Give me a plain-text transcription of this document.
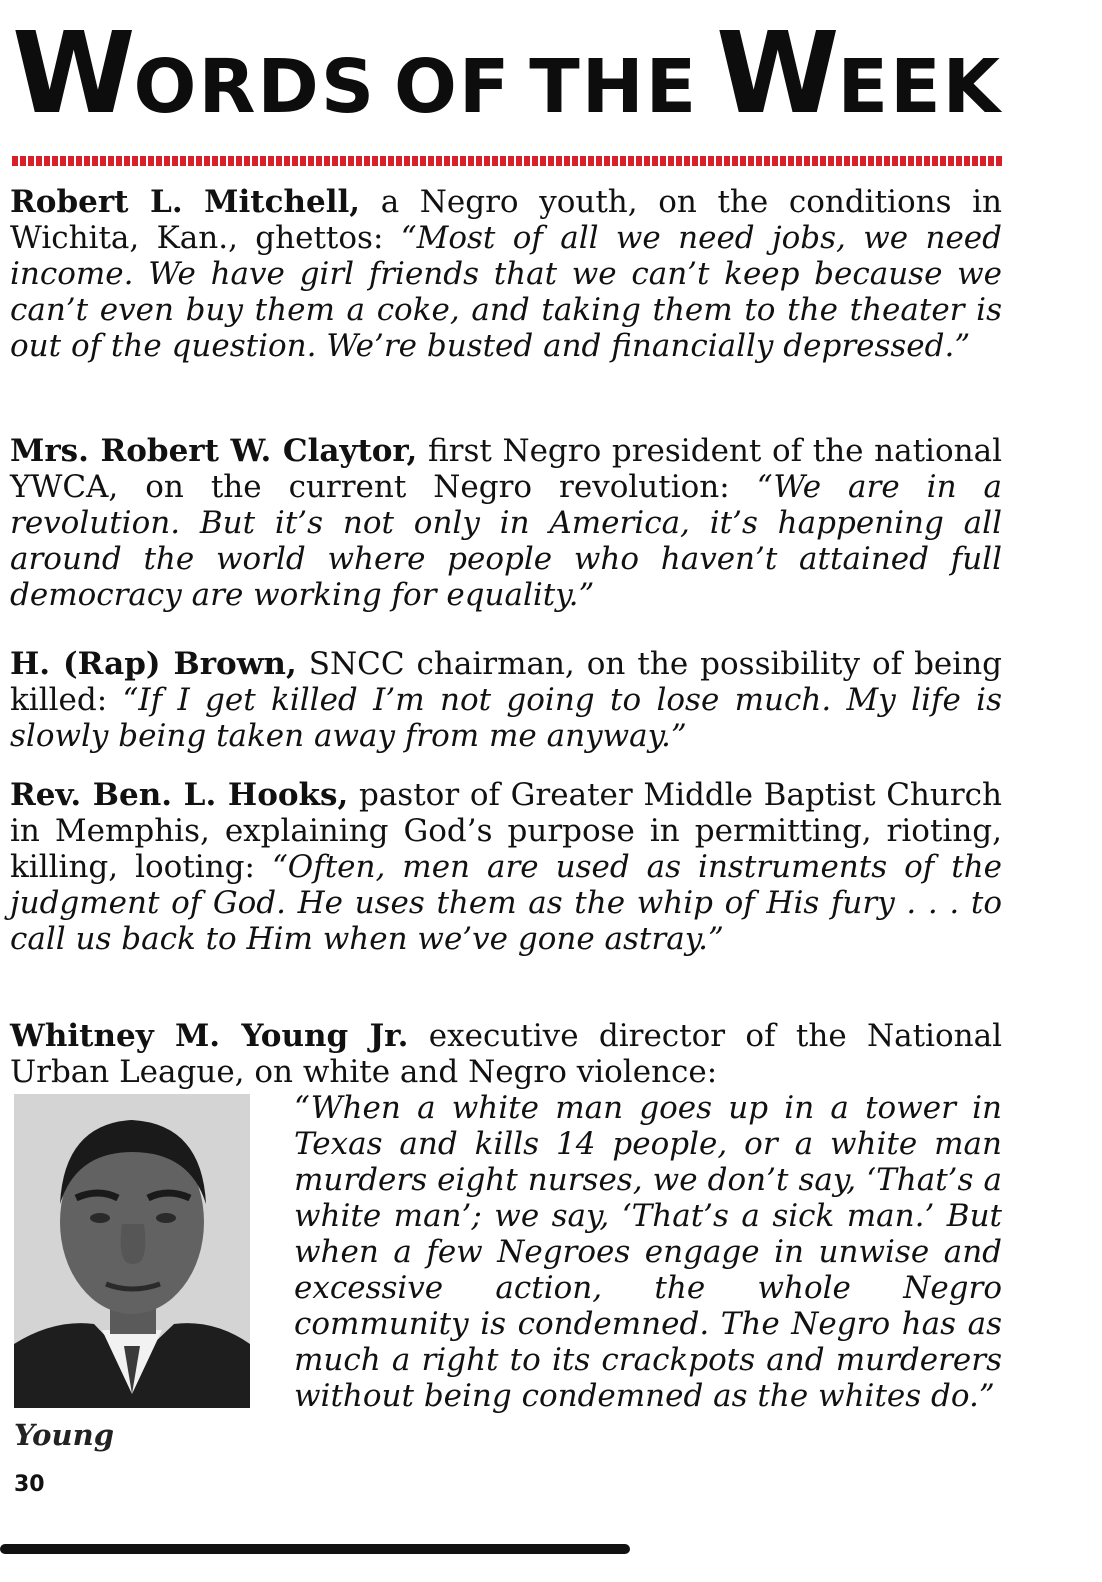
WORDS OF THE WEEK
Robert L. Mitchell, a Negro youth, on the conditions in Wichita, Kan., ghettos: “Most of all we need jobs, we need income. We have girl friends that we can’t keep because we can’t even buy them a coke, and taking them to the theater is out of the question. We’re busted and financially depressed.”
Mrs. Robert W. Claytor, first Negro president of the national YWCA, on the current Negro revolution: “We are in a revolution. But it’s not only in America, it’s happening all around the world where people who haven’t attained full democracy are working for equality.”
H. (Rap) Brown, SNCC chairman, on the possibility of being killed: “If I get killed I’m not going to lose much. My life is slowly being taken away from me anyway.”
Rev. Ben. L. Hooks, pastor of Greater Middle Baptist Church in Memphis, explaining God’s purpose in permitting, rioting, killing, looting: “Often, men are used as instruments of the judgment of God. He uses them as the whip of His fury . . . to call us back to Him when we’ve gone astray.”
Whitney M. Young Jr. executive director of the National Urban League, on white and Negro violence:

Young
“When a white man goes up in a tower in Texas and kills 14 people, or a white man murders eight nurses, we don’t say, ‘That’s a white man’; we say, ‘That’s a sick man.’ But when a few Negroes engage in unwise and excessive action, the whole Negro community is condemned. The Negro has as much a right to its crackpots and murderers without being condemned as the whites do.”
30
